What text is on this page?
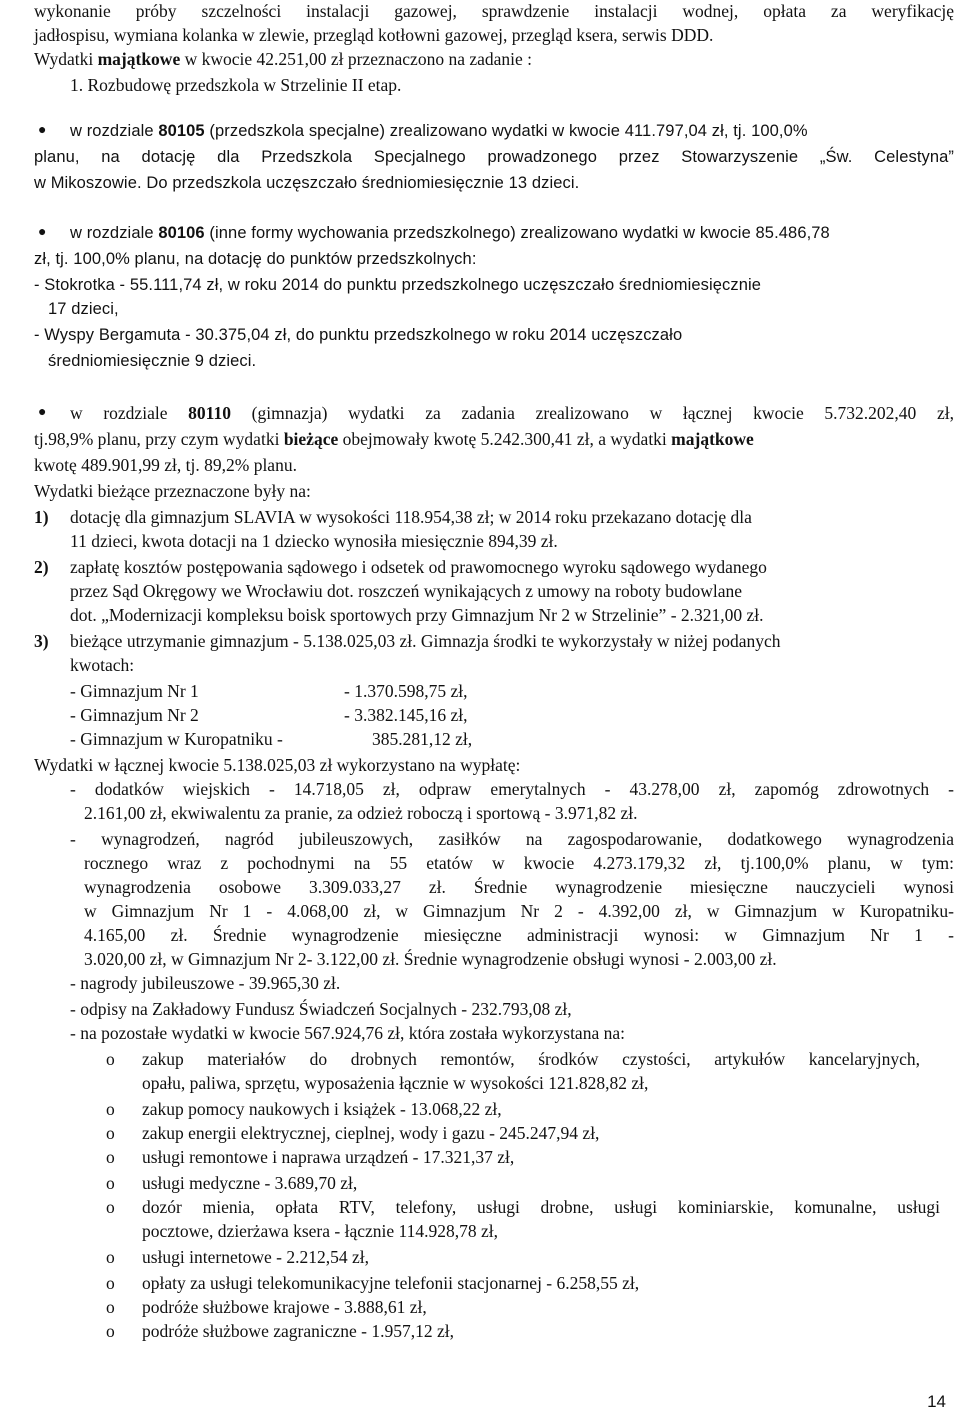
wykonanie próby szczelności instalacji gazowej, sprawdzenie instalacji wodnej, opłata za weryfikację
jadłospisu, wymiana kolanka w zlewie, przegląd kotłowni gazowej, przegląd ksera, serwis DDD.
Wydatki majątkowe w kwocie 42.251,00 zł przeznaczono na zadanie :
1. Rozbudowę przedszkola w Strzelinie II etap.
● w rozdziale 80105 (przedszkola specjalne) zrealizowano wydatki w kwocie 411.797,04 zł, tj. 100,0%
planu, na dotację dla Przedszkola Specjalnego prowadzonego przez Stowarzyszenie „Św. Celestyna”
w Mikoszowie. Do przedszkola uczęszczało średniomiesięcznie 13 dzieci.
● w rozdziale 80106 (inne formy wychowania przedszkolnego) zrealizowano wydatki w kwocie 85.486,78
zł, tj. 100,0% planu, na dotację do punktów przedszkolnych:
- Stokrotka - 55.111,74 zł, w roku 2014 do punktu przedszkolnego uczęszczało średniomiesięcznie
17 dzieci,
- Wyspy Bergamuta - 30.375,04 zł, do punktu przedszkolnego w roku 2014 uczęszczało
średniomiesięcznie 9 dzieci.
● w rozdziale 80110 (gimnazja) wydatki za zadania zrealizowano w łącznej kwocie 5.732.202,40 zł,
tj.98,9% planu, przy czym wydatki bieżące obejmowały kwotę 5.242.300,41 zł, a wydatki majątkowe
kwotę 489.901,99 zł, tj. 89,2% planu.
Wydatki bieżące przeznaczone były na:
1) dotację dla gimnazjum SLAVIA w wysokości 118.954,38 zł; w 2014 roku przekazano dotację dla
11 dzieci, kwota dotacji na 1 dziecko wynosiła miesięcznie 894,39 zł.
2) zapłatę kosztów postępowania sądowego i odsetek od prawomocnego wyroku sądowego wydanego
przez Sąd Okręgowy we Wrocławiu dot. roszczeń wynikających z umowy na roboty budowlane
dot. „Modernizacji kompleksu boisk sportowych przy Gimnazjum Nr 2 w Strzelinie” - 2.321,00 zł.
3) bieżące utrzymanie gimnazjum - 5.138.025,03 zł. Gimnazja środki te wykorzystały w niżej podanych
kwotach:
- Gimnazjum Nr 1	- 1.370.598,75 zł,
- Gimnazjum Nr 2	- 3.382.145,16 zł,
- Gimnazjum w Kuropatniku -	385.281,12 zł,
Wydatki w łącznej kwocie 5.138.025,03 zł wykorzystano na wypłatę:
- dodatków wiejskich - 14.718,05 zł, odpraw emerytalnych - 43.278,00 zł, zapomóg zdrowotnych -
2.161,00 zł, ekwiwalentu za pranie, za odzież roboczą i sportową - 3.971,82 zł.
- wynagrodzeń, nagród jubileuszowych, zasiłków na zagospodarowanie, dodatkowego wynagrodzenia
rocznego wraz z pochodnymi na 55 etatów w kwocie 4.273.179,32 zł, tj.100,0% planu, w tym:
wynagrodzenia osobowe 3.309.033,27 zł. Średnie wynagrodzenie miesięczne nauczycieli wynosi
w Gimnazjum Nr 1 - 4.068,00 zł, w Gimnazjum Nr 2 - 4.392,00 zł, w Gimnazjum w Kuropatniku-
4.165,00 zł. Średnie wynagrodzenie miesięczne administracji wynosi: w Gimnazjum Nr 1 -
3.020,00 zł, w Gimnazjum Nr 2- 3.122,00 zł. Średnie wynagrodzenie obsługi wynosi - 2.003,00 zł.
- nagrody jubileuszowe - 39.965,30 zł.
- odpisy na Zakładowy Fundusz Świadczeń Socjalnych - 232.793,08 zł,
- na pozostałe wydatki w kwocie 567.924,76 zł, która została wykorzystana na:
o zakup materiałów do drobnych remontów, środków czystości, artykułów kancelaryjnych,
opału, paliwa, sprzętu, wyposażenia łącznie w wysokości 121.828,82 zł,
o zakup pomocy naukowych i książek - 13.068,22 zł,
o zakup energii elektrycznej, cieplnej, wody i gazu - 245.247,94 zł,
o usługi remontowe i naprawa urządzeń - 17.321,37 zł,
o usługi medyczne - 3.689,70 zł,
o dozór mienia, opłata RTV, telefony, usługi drobne, usługi kominiarskie, komunalne, usługi
pocztowe, dzierżawa ksera - łącznie 114.928,78 zł,
o usługi internetowe - 2.212,54 zł,
o opłaty za usługi telekomunikacyjne telefonii stacjonarnej - 6.258,55 zł,
o podróże służbowe krajowe - 3.888,61 zł,
o podróże służbowe zagraniczne - 1.957,12 zł,
14
